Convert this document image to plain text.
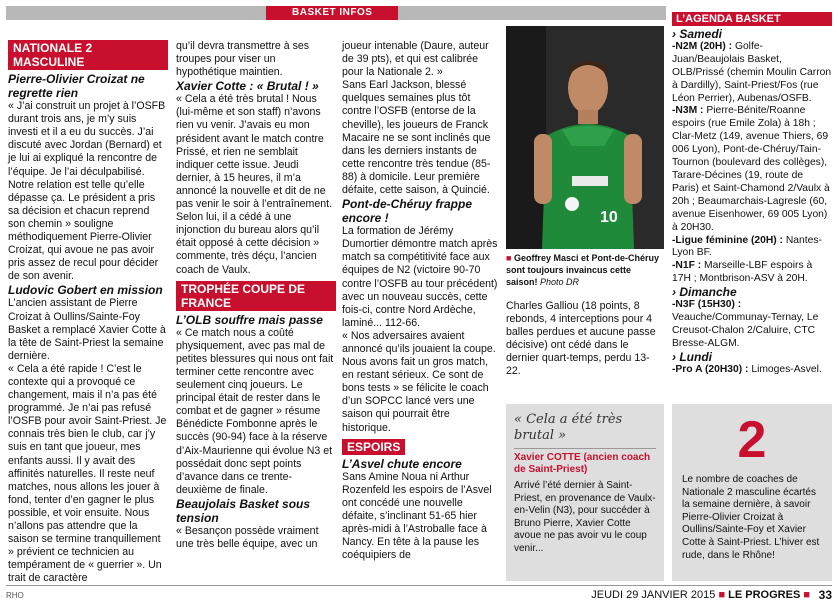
BASKET INFOS
NATIONALE 2 MASCULINE

Pierre-Olivier Croizat ne regrette rien

« J’ai construit un projet à l’OSFB durant trois ans, je m’y suis investi et il a eu du succès. J’ai discuté avec Jordan (Bernard) et je lui ai expliqué la rencontre de l’équipe. Je l’ai déculpabilisé. Notre relation est telle qu’elle dépasse ça. Le président a pris sa décision et chacun reprend son chemin » souligne méthodiquement Pierre-Olivier Croizat, qui avoue ne pas avoir pris assez de recul pour décider de son avenir.

Ludovic Gobert en mission

L’ancien assistant de Pierre Croizat à Oullins/Sainte-Foy Basket a remplacé Xavier Cotte à la tête de Saint-Priest la semaine dernière.

« Cela a été rapide ! C’est le contexte qui a provoqué ce changement, mais il n’a pas été programmé. Je n’ai pas refusé l’OSFB pour avoir Saint-Priest. Je connais très bien le club, car j’y suis en tant que joueur, mes enfants aussi. Il y avait des affinités naturelles. Il reste neuf matches, nous allons les jouer à fond, tenter d’en gagner le plus possible, et voir ensuite. Nous n’allons pas attendre que la saison se termine tranquillement » prévient ce technicien au tempérament de « guerrier ». Un trait de caractère

qu’il devra transmettre à ses troupes pour viser un hypothétique maintien.

Xavier Cotte : « Brutal ! »

« Cela a été très brutal ! Nous (lui-même et son staff) n’avons rien vu venir. J’avais eu mon président avant le match contre Prissé, et rien ne semblait indiquer cette issue. Jeudi dernier, à 15 heures, il m’a annoncé la nouvelle et dit de ne pas venir le soir à l’entraînement. Selon lui, il a cédé à une injonction du bureau alors qu’il était opposé à cette décision » commente, très déçu, l’ancien coach de Vaulx.

TROPHÉE COUPE DE FRANCE

L’OLB souffre mais passe

« Ce match nous a coûté physiquement, avec pas mal de petites blessures qui nous ont fait terminer cette rencontre avec seulement cinq joueurs. Le principal était de rester dans le combat et de gagner » résume Bénédicte Fombonne après le succès (90-94) face à la réserve d’Aix-Maurienne qui évolue N3 et possédait donc sept points d’avance dans ce trente-deuxième de finale.

Beaujolais Basket sous tension

« Besançon possède vraiment une très belle équipe, avec un

joueur intenable (Daure, auteur de 39 pts), et qui est calibrée pour la Nationale 2. »

Sans Earl Jackson, blessé quelques semaines plus tôt contre l’OSFB (entorse de la cheville), les joueurs de Franck Macaire ne se sont inclinés que dans les derniers instants de cette rencontre très tendue (85-88) à domicile. Leur première défaite, cette saison, à Quincié.

Pont-de-Chéruy frappe encore !

La formation de Jérémy Dumortier démontre match après match sa compétitivité face aux équipes de N2 (victoire 90-70 contre l’OSFB au tour précédent) avec un nouveau succès, cette fois-ci, contre Nord Ardèche, laminé... 112-66.

« Nos adversaires avaient annoncé qu’ils jouaient la coupe. Nous avons fait un gros match, en restant sérieux. Ce sont de bons tests » se félicite le coach d’un SOPCC lancé vers une saison qui pourrait être historique.

ESPOIRS

L’Asvel chute encore

Sans Amine Noua ni Arthur Rozenfeld les espoirs de l’Asvel ont concédé une nouvelle défaite, s’inclinant 51-65 hier après-midi à l’Astroballe face à Nancy. En tête à la pause les coéquipiers de

10
■ Geoffrey Masci et Pont-de-Chéruy sont toujours invaincus cette saison! Photo DR

Charles Galliou (18 points, 8 rebonds, 4 interceptions pour 4 balles perdues et aucune passe décisive) ont cédé dans le dernier quart-temps, perdu 13-22.

« Cela a été très brutal »
Xavier COTTE (ancien coach de Saint-Priest)
Arrivé l’été dernier à Saint-Priest, en provenance de Vaulx-en-Velin (N3), pour succéder à Bruno Pierre, Xavier Cotte avoue ne pas avoir vu le coup venir...
L’AGENDA BASKET
› Samedi
-N2M (20H) : Golfe-Juan/Beaujolais Basket, OLB/Prissé (chemin Moulin Carron à Dardilly), Saint-Priest/Fos (rue Léon Perrier), Aubenas/OSFB.
-N3M : Pierre-Bénite/Roanne espoirs (rue Emile Zola) à 18h ; Clar-Metz (149, avenue Thiers, 69 006 Lyon), Pont-de-Chéruy/Tain-Tournon (boulevard des collèges), Tarare-Décines (19, route de Paris) et Saint-Chamond 2/Vaulx à 20h ; Beaumarchais-Lagresle (60, avenue Eisenhower, 69 005 Lyon) à 20H30.
-Ligue féminine (20H) : Nantes-Lyon BF.
-N1F : Marseille-LBF espoirs à 17H ; Montbrison-ASV à 20H.
› Dimanche
-N3F (15H30) : Veauche/Communay-Ternay, Le Creusot-Chalon 2/Caluire, CTC Bresse-ALGM.
› Lundi
-Pro A (20H30) : Limoges-Asvel.
2
Le nombre de coaches de Nationale 2 masculine écartés la semaine dernière, à savoir Pierre-Olivier Croizat à Oullins/Sainte-Foy et Xavier Cotte à Saint-Priest. L’hiver est rude, dans le Rhône!
RHO	JEUDI 29 JANVIER 2015 ■ LE PROGRES ■ 33
